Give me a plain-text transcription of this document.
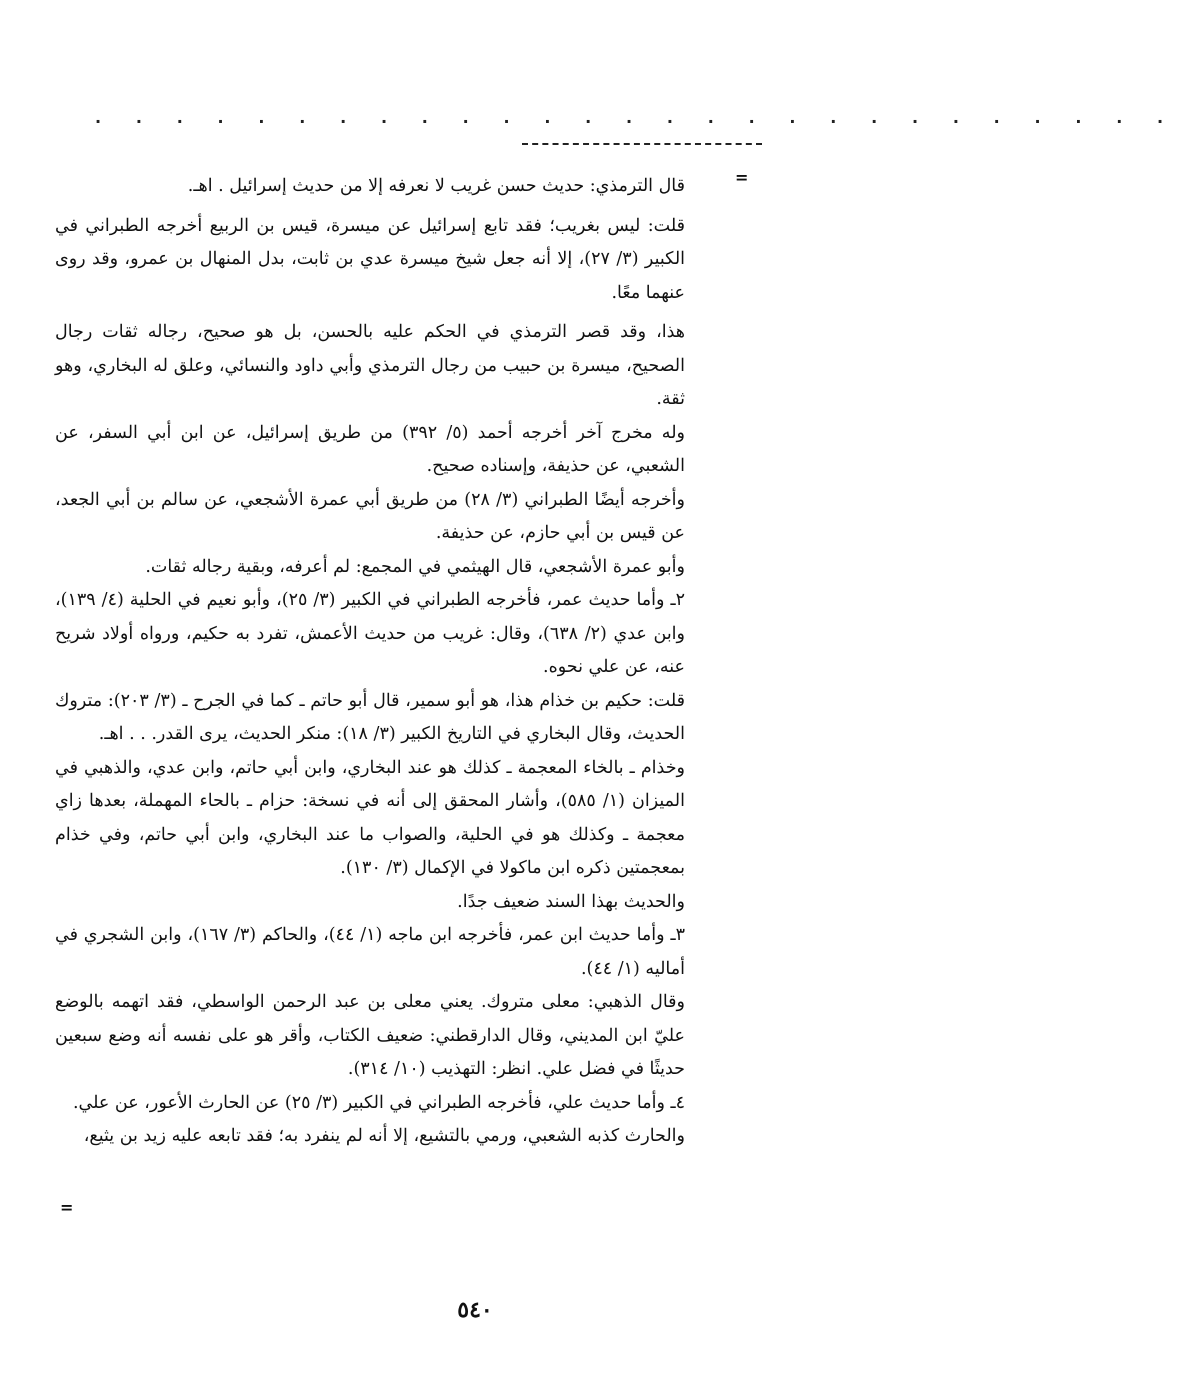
. . . . . . . . . . . . . . . . . . . . . . . . . . .
=

قال الترمذي: حديث حسن غريب لا نعرفه إلا من حديث إسرائيل . اهـ.

قلت: ليس بغريب؛ فقد تابع إسرائيل عن ميسرة، قيس بن الربيع أخرجه الطبراني في الكبير (٣/ ٢٧)، إلا أنه جعل شيخ ميسرة عدي بن ثابت، بدل المنهال بن عمرو، وقد روى عنهما معًا.

هذا، وقد قصر الترمذي في الحكم عليه بالحسن، بل هو صحيح، رجاله ثقات رجال الصحيح، ميسرة بن حبيب من رجال الترمذي وأبي داود والنسائي، وعلق له البخاري، وهو ثقة.

وله مخرج آخر أخرجه أحمد (٥/ ٣٩٢) من طريق إسرائيل، عن ابن أبي السفر، عن الشعبي، عن حذيفة، وإسناده صحيح.

وأخرجه أيضًا الطبراني (٣/ ٢٨) من طريق أبي عمرة الأشجعي، عن سالم بن أبي الجعد، عن قيس بن أبي حازم، عن حذيفة.

وأبو عمرة الأشجعي، قال الهيثمي في المجمع: لم أعرفه، وبقية رجاله ثقات.

٢ـ وأما حديث عمر، فأخرجه الطبراني في الكبير (٣/ ٢٥)، وأبو نعيم في الحلية (٤/ ١٣٩)، وابن عدي (٢/ ٦٣٨)، وقال: غريب من حديث الأعمش، تفرد به حكيم، ورواه أولاد شريح عنه، عن علي نحوه.

قلت: حكيم بن خذام هذا، هو أبو سمير، قال أبو حاتم ـ كما في الجرح ـ (٣/ ٢٠٣): متروك الحديث، وقال البخاري في التاريخ الكبير (٣/ ١٨): منكر الحديث، يرى القدر. . . اهـ.

وخذام ـ بالخاء المعجمة ـ كذلك هو عند البخاري، وابن أبي حاتم، وابن عدي، والذهبي في الميزان (١/ ٥٨٥)، وأشار المحقق إلى أنه في نسخة: حزام ـ بالحاء المهملة، بعدها زاي معجمة ـ وكذلك هو في الحلية، والصواب ما عند البخاري، وابن أبي حاتم، وفي خذام بمعجمتين ذكره ابن ماكولا في الإكمال (٣/ ١٣٠).

والحديث بهذا السند ضعيف جدًا.

٣ـ وأما حديث ابن عمر، فأخرجه ابن ماجه (١/ ٤٤)، والحاكم (٣/ ١٦٧)، وابن الشجري في أماليه (١/ ٤٤).

وقال الذهبي: معلى متروك. يعني معلى بن عبد الرحمن الواسطي، فقد اتهمه بالوضع عليّ ابن المديني، وقال الدارقطني: ضعيف الكتاب، وأقر هو على نفسه أنه وضع سبعين حديثًا في فضل علي. انظر: التهذيب (١٠/ ٣١٤).

٤ـ وأما حديث علي، فأخرجه الطبراني في الكبير (٣/ ٢٥) عن الحارث الأعور، عن علي.

والحارث كذبه الشعبي، ورمي بالتشيع، إلا أنه لم ينفرد به؛ فقد تابعه عليه زيد بن يثيع،

=
٥٤٠
